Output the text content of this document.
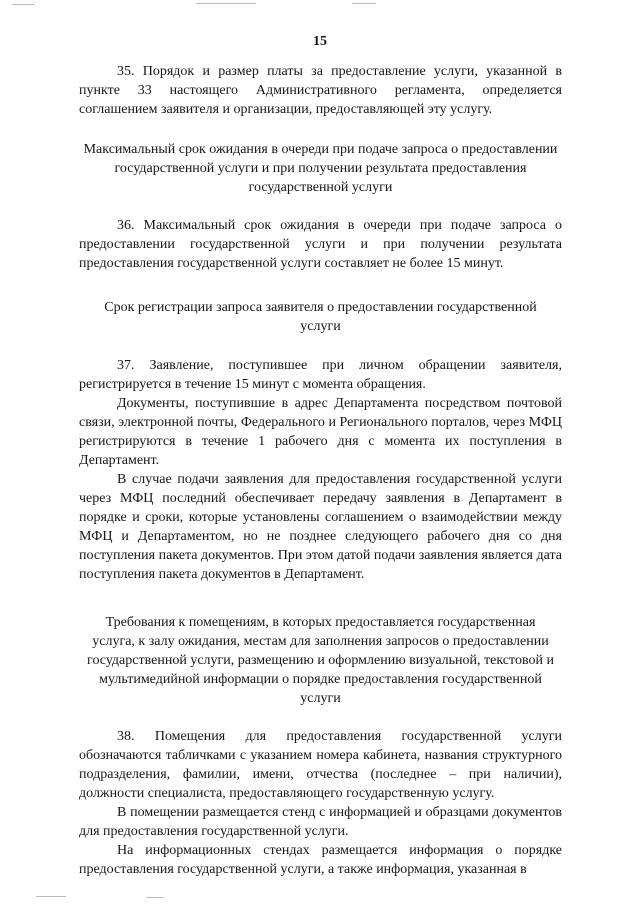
15

35. Порядок и размер платы за предоставление услуги, указанной в пункте 33 настоящего Административного регламента, определяется соглашением заявителя и организации, предоставляющей эту услугу.

Максимальный срок ожидания в очереди при подаче запроса о предоставлении государственной услуги и при получении результата предоставления государственной услуги

36. Максимальный срок ожидания в очереди при подаче запроса о предоставлении государственной услуги и при получении результата предоставления государственной услуги составляет не более 15 минут.

Срок регистрации запроса заявителя о предоставлении государственной услуги

37. Заявление, поступившее при личном обращении заявителя, регистрируется в течение 15 минут с момента обращения.

Документы, поступившие в адрес Департамента посредством почтовой связи, электронной почты, Федерального и Регионального порталов, через МФЦ регистрируются в течение 1 рабочего дня с момента их поступления в Департамент.

В случае подачи заявления для предоставления государственной услуги через МФЦ последний обеспечивает передачу заявления в Департамент в порядке и сроки, которые установлены соглашением о взаимодействии между МФЦ и Департаментом, но не позднее следующего рабочего дня со дня поступления пакета документов. При этом датой подачи заявления является дата поступления пакета документов в Департамент.

Требования к помещениям, в которых предоставляется государственная услуга, к залу ожидания, местам для заполнения запросов о предоставлении государственной услуги, размещению и оформлению визуальной, текстовой и мультимедийной информации о порядке предоставления государственной услуги

38. Помещения для предоставления государственной услуги обозначаются табличками с указанием номера кабинета, названия структурного подразделения, фамилии, имени, отчества (последнее – при наличии), должности специалиста, предоставляющего государственную услугу.

В помещении размещается стенд с информацией и образцами документов для предоставления государственной услуги.

На информационных стендах размещается информация о порядке предоставления государственной услуги, а также информация, указанная в
